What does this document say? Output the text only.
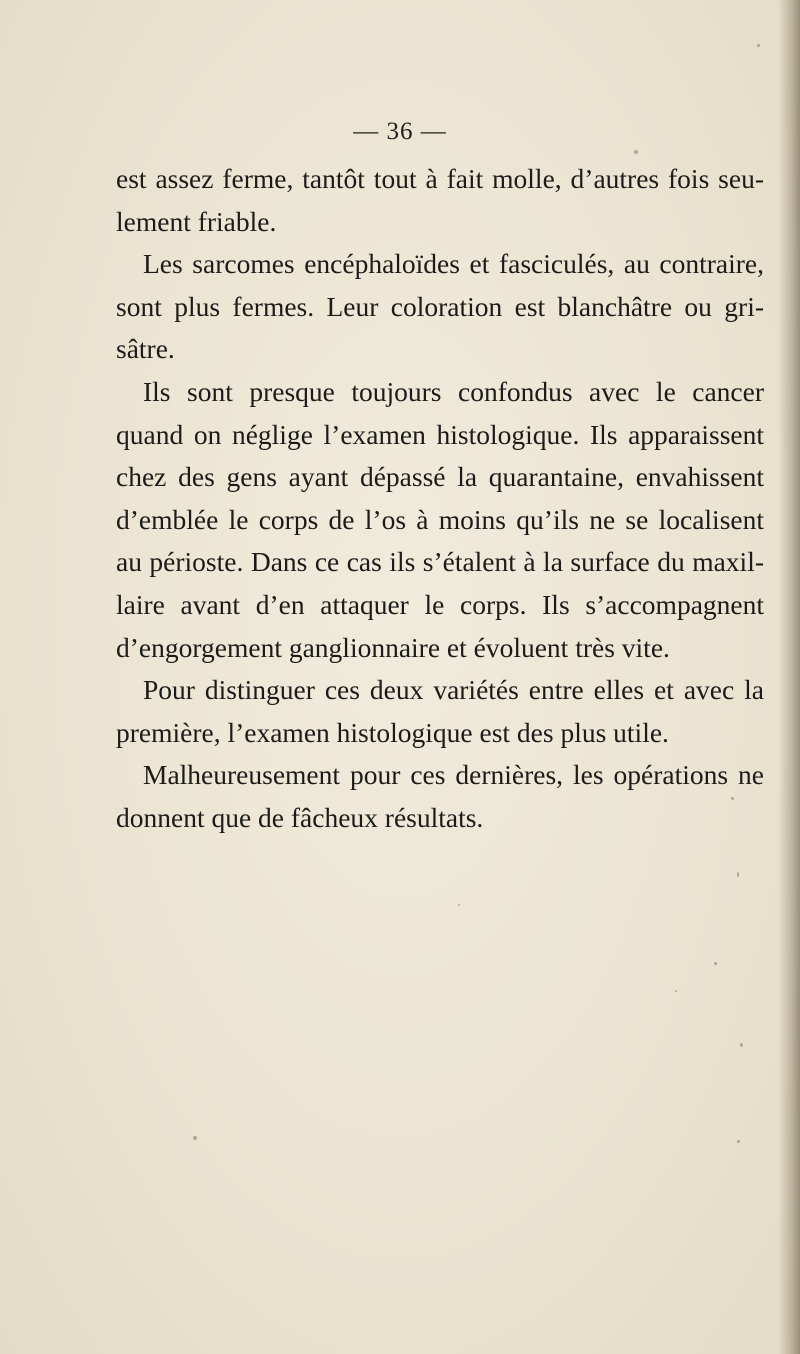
— 36 —
est assez ferme, tantôt tout à fait molle, d’autres fois seu-
lement friable.
Les sarcomes encéphaloïdes et fasciculés, au contraire,
sont plus fermes. Leur coloration est blanchâtre ou gri-
sâtre.
Ils sont presque toujours confondus avec le cancer
quand on néglige l’examen histologique. Ils apparaissent
chez des gens ayant dépassé la quarantaine, envahissent
d’emblée le corps de l’os à moins qu’ils ne se localisent
au périoste. Dans ce cas ils s’étalent à la surface du maxil-
laire avant d’en attaquer le corps. Ils s’accompagnent
d’engorgement ganglionnaire et évoluent très vite.
Pour distinguer ces deux variétés entre elles et avec la
première, l’examen histologique est des plus utile.
Malheureusement pour ces dernières, les opérations ne
donnent que de fâcheux résultats.
